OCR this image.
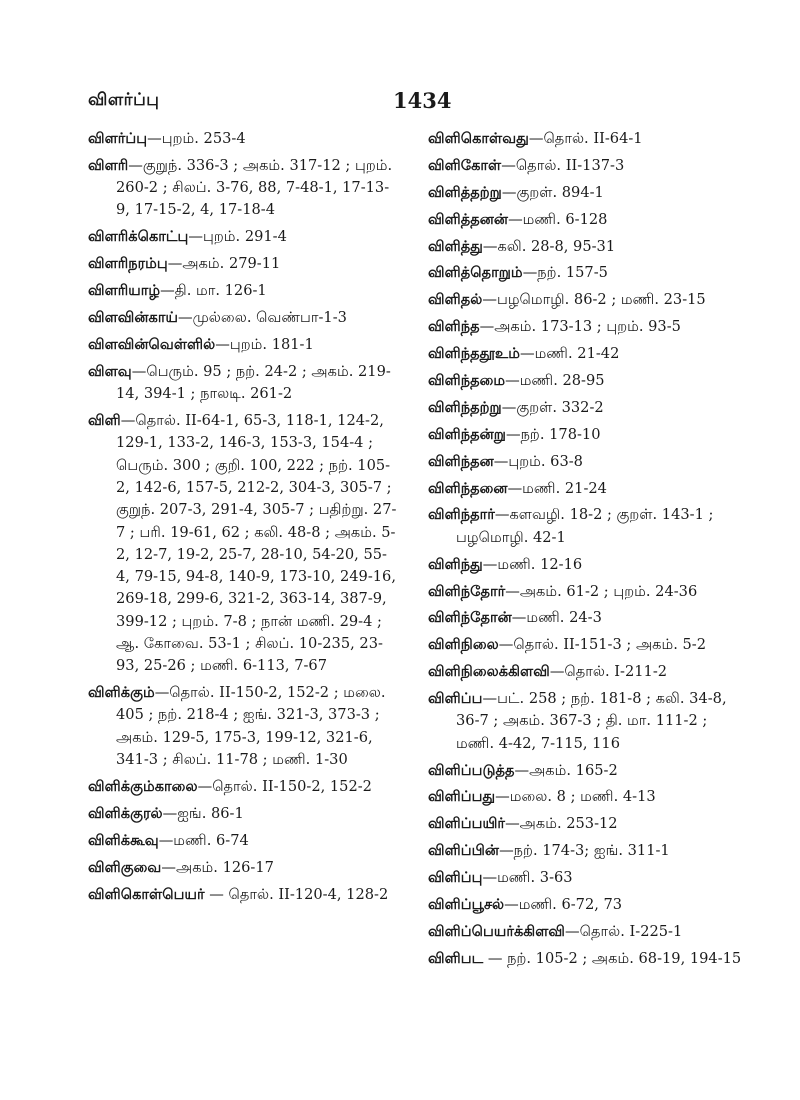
விளர்ப்பு	1434
விளர்ப்பு—புறம். 253-4
விளரி—குறுந். 336-3 ; அகம். 317-12 ; புறம். 260-2 ; சிலப். 3-76, 88, 7-48-1, 17-13-9, 17-15-2, 4, 17-18-4
விளரிக்கொட்பு—புறம். 291-4
விளரிநரம்பு—அகம். 279-11
விளரியாழ்—தி. மா. 126-1
விளவின்காய்—முல்லை. வெண்பா-1-3
விளவின்வெள்ளில்—புறம். 181-1
விளவு—பெரும். 95 ; நற். 24-2 ; அகம். 219-14, 394-1 ; நாலடி. 261-2
விளி—தொல். II-64-1, 65-3, 118-1, 124-2, 129-1, 133-2, 146-3, 153-3, 154-4 ; பெரும். 300 ; குறி. 100, 222 ; நற். 105-2, 142-6, 157-5, 212-2, 304-3, 305-7 ; குறுந். 207-3, 291-4, 305-7 ; பதிற்று. 27-7 ; பரி. 19-61, 62 ; கலி. 48-8 ; அகம். 5-2, 12-7, 19-2, 25-7, 28-10, 54-20, 55-4, 79-15, 94-8, 140-9, 173-10, 249-16, 269-18, 299-6, 321-2, 363-14, 387-9, 399-12 ; புறம். 7-8 ; நான் மணி. 29-4 ; ஆ. கோவை. 53-1 ; சிலப். 10-235, 23-93, 25-26 ; மணி. 6-113, 7-67
விளிக்கும்—தொல். II-150-2, 152-2 ; மலை. 405 ; நற். 218-4 ; ஐங். 321-3, 373-3 ; அகம். 129-5, 175-3, 199-12, 321-6, 341-3 ; சிலப். 11-78 ; மணி. 1-30
விளிக்கும்காலை—தொல். II-150-2, 152-2
விளிக்குரல்—ஐங். 86-1
விளிக்கூவு—மணி. 6-74
விளிகுவை—அகம். 126-17
விளிகொள்பெயர் — தொல். II-120-4, 128-2
விளிகொள்வது—தொல். II-64-1
விளிகோள்—தொல். II-137-3
விளித்தற்று—குறள். 894-1
விளித்தனன்—மணி. 6-128
விளித்து—கலி. 28-8, 95-31
விளித்தொறும்—நற். 157-5
விளிதல்—பழமொழி. 86-2 ; மணி. 23-15
விளிந்த—அகம். 173-13 ; புறம். 93-5
விளிந்ததூஉம்—மணி. 21-42
விளிந்தமை—மணி. 28-95
விளிந்தற்று—குறள். 332-2
விளிந்தன்று—நற். 178-10
விளிந்தன—புறம். 63-8
விளிந்தனை—மணி. 21-24
விளிந்தார்—களவழி. 18-2 ; குறள். 143-1 ; பழமொழி. 42-1
விளிந்து—மணி. 12-16
விளிந்தோர்—அகம். 61-2 ; புறம். 24-36
விளிந்தோன்—மணி. 24-3
விளிநிலை—தொல். II-151-3 ; அகம். 5-2
விளிநிலைக்கிளவி—தொல். I-211-2
விளிப்ப—பட். 258 ; நற். 181-8 ; கலி. 34-8, 36-7 ; அகம். 367-3 ; தி. மா. 111-2 ; மணி. 4-42, 7-115, 116
விளிப்படுத்த—அகம். 165-2
விளிப்பது—மலை. 8 ; மணி. 4-13
விளிப்பயிர்—அகம். 253-12
விளிப்பின்—நற். 174-3; ஐங். 311-1
விளிப்பு—மணி. 3-63
விளிப்பூசல்—மணி. 6-72, 73
விளிப்பெயர்க்கிளவி—தொல். I-225-1
விளிபட — நற். 105-2 ; அகம். 68-19, 194-15
